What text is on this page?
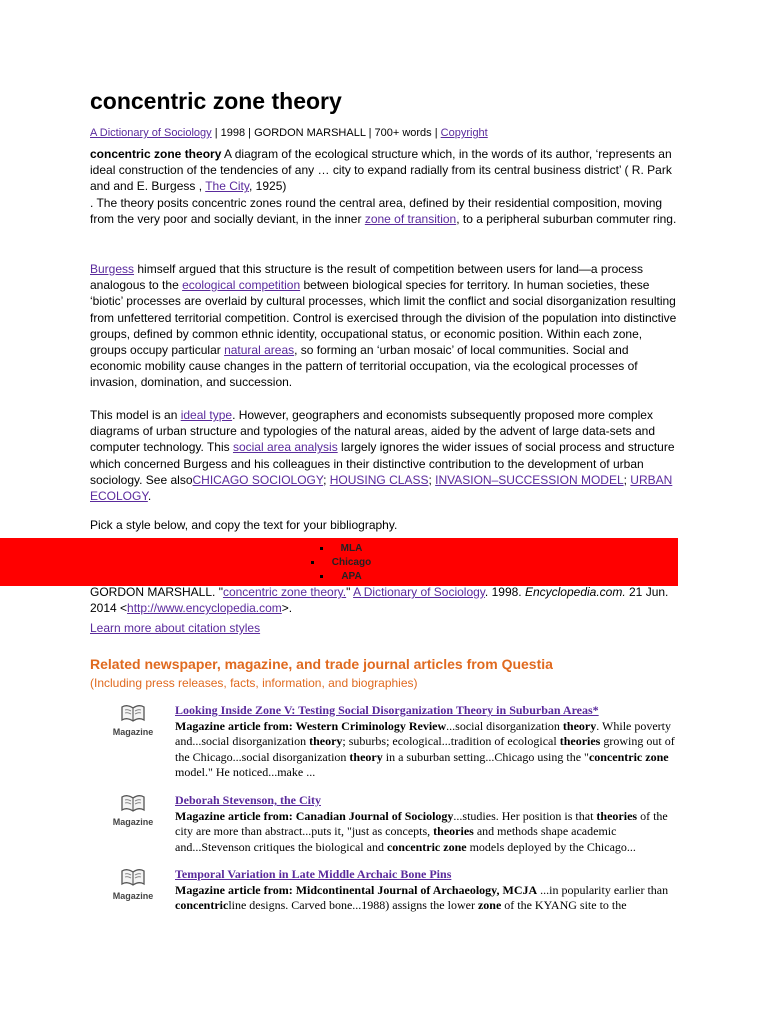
concentric zone theory
A Dictionary of Sociology | 1998 | GORDON MARSHALL | 700+ words | Copyright
concentric zone theory A diagram of the ecological structure which, in the words of its author, ‘represents an ideal construction of the tendencies of any … city to expand radially from its central business district’ ( R. Park and and E. Burgess , The City, 1925)
. The theory posits concentric zones round the central area, defined by their residential composition, moving from the very poor and socially deviant, in the inner zone of transition, to a peripheral suburban commuter ring.
Burgess himself argued that this structure is the result of competition between users for land—a process analogous to the ecological competition between biological species for territory. In human societies, these ‘biotic’ processes are overlaid by cultural processes, which limit the conflict and social disorganization resulting from unfettered territorial competition. Control is exercised through the division of the population into distinctive groups, defined by common ethnic identity, occupational status, or economic position. Within each zone, groups occupy particular natural areas, so forming an ‘urban mosaic’ of local communities. Social and economic mobility cause changes in the pattern of territorial occupation, via the ecological processes of invasion, domination, and succession.
This model is an ideal type. However, geographers and economists subsequently proposed more complex diagrams of urban structure and typologies of the natural areas, aided by the advent of large data-sets and computer technology. This social area analysis largely ignores the wider issues of social process and structure which concerned Burgess and his colleagues in their distinctive contribution to the development of urban sociology. See alsoCHICAGO SOCIOLOGY; HOUSING CLASS; INVASION–SUCCESSION MODEL; URBAN ECOLOGY.
Pick a style below, and copy the text for your bibliography.
MLA
Chicago
APA
GORDON MARSHALL. "concentric zone theory." A Dictionary of Sociology. 1998. Encyclopedia.com. 21 Jun. 2014 <http://www.encyclopedia.com>.
Learn more about citation styles
Related newspaper, magazine, and trade journal articles from Questia
(Including press releases, facts, information, and biographies)
Magazine
Looking Inside Zone V: Testing Social Disorganization Theory in Suburban Areas*
Magazine article from: Western Criminology Review...social disorganization theory. While poverty and...social disorganization theory; suburbs; ecological...tradition of ecological theories growing out of the Chicago...social disorganization theory in a suburban setting...Chicago using the "concentric zone model." He noticed...make ...
Magazine
Deborah Stevenson, the City
Magazine article from: Canadian Journal of Sociology...studies. Her position is that theories of the city are more than abstract...puts it, "just as concepts, theories and methods shape academic and...Stevenson critiques the biological and concentric zone models deployed by the Chicago...
Magazine
Temporal Variation in Late Middle Archaic Bone Pins
Magazine article from: Midcontinental Journal of Archaeology, MCJA ...in popularity earlier than concentricline designs. Carved bone...1988) assigns the lower zone of the KYANG site to the
